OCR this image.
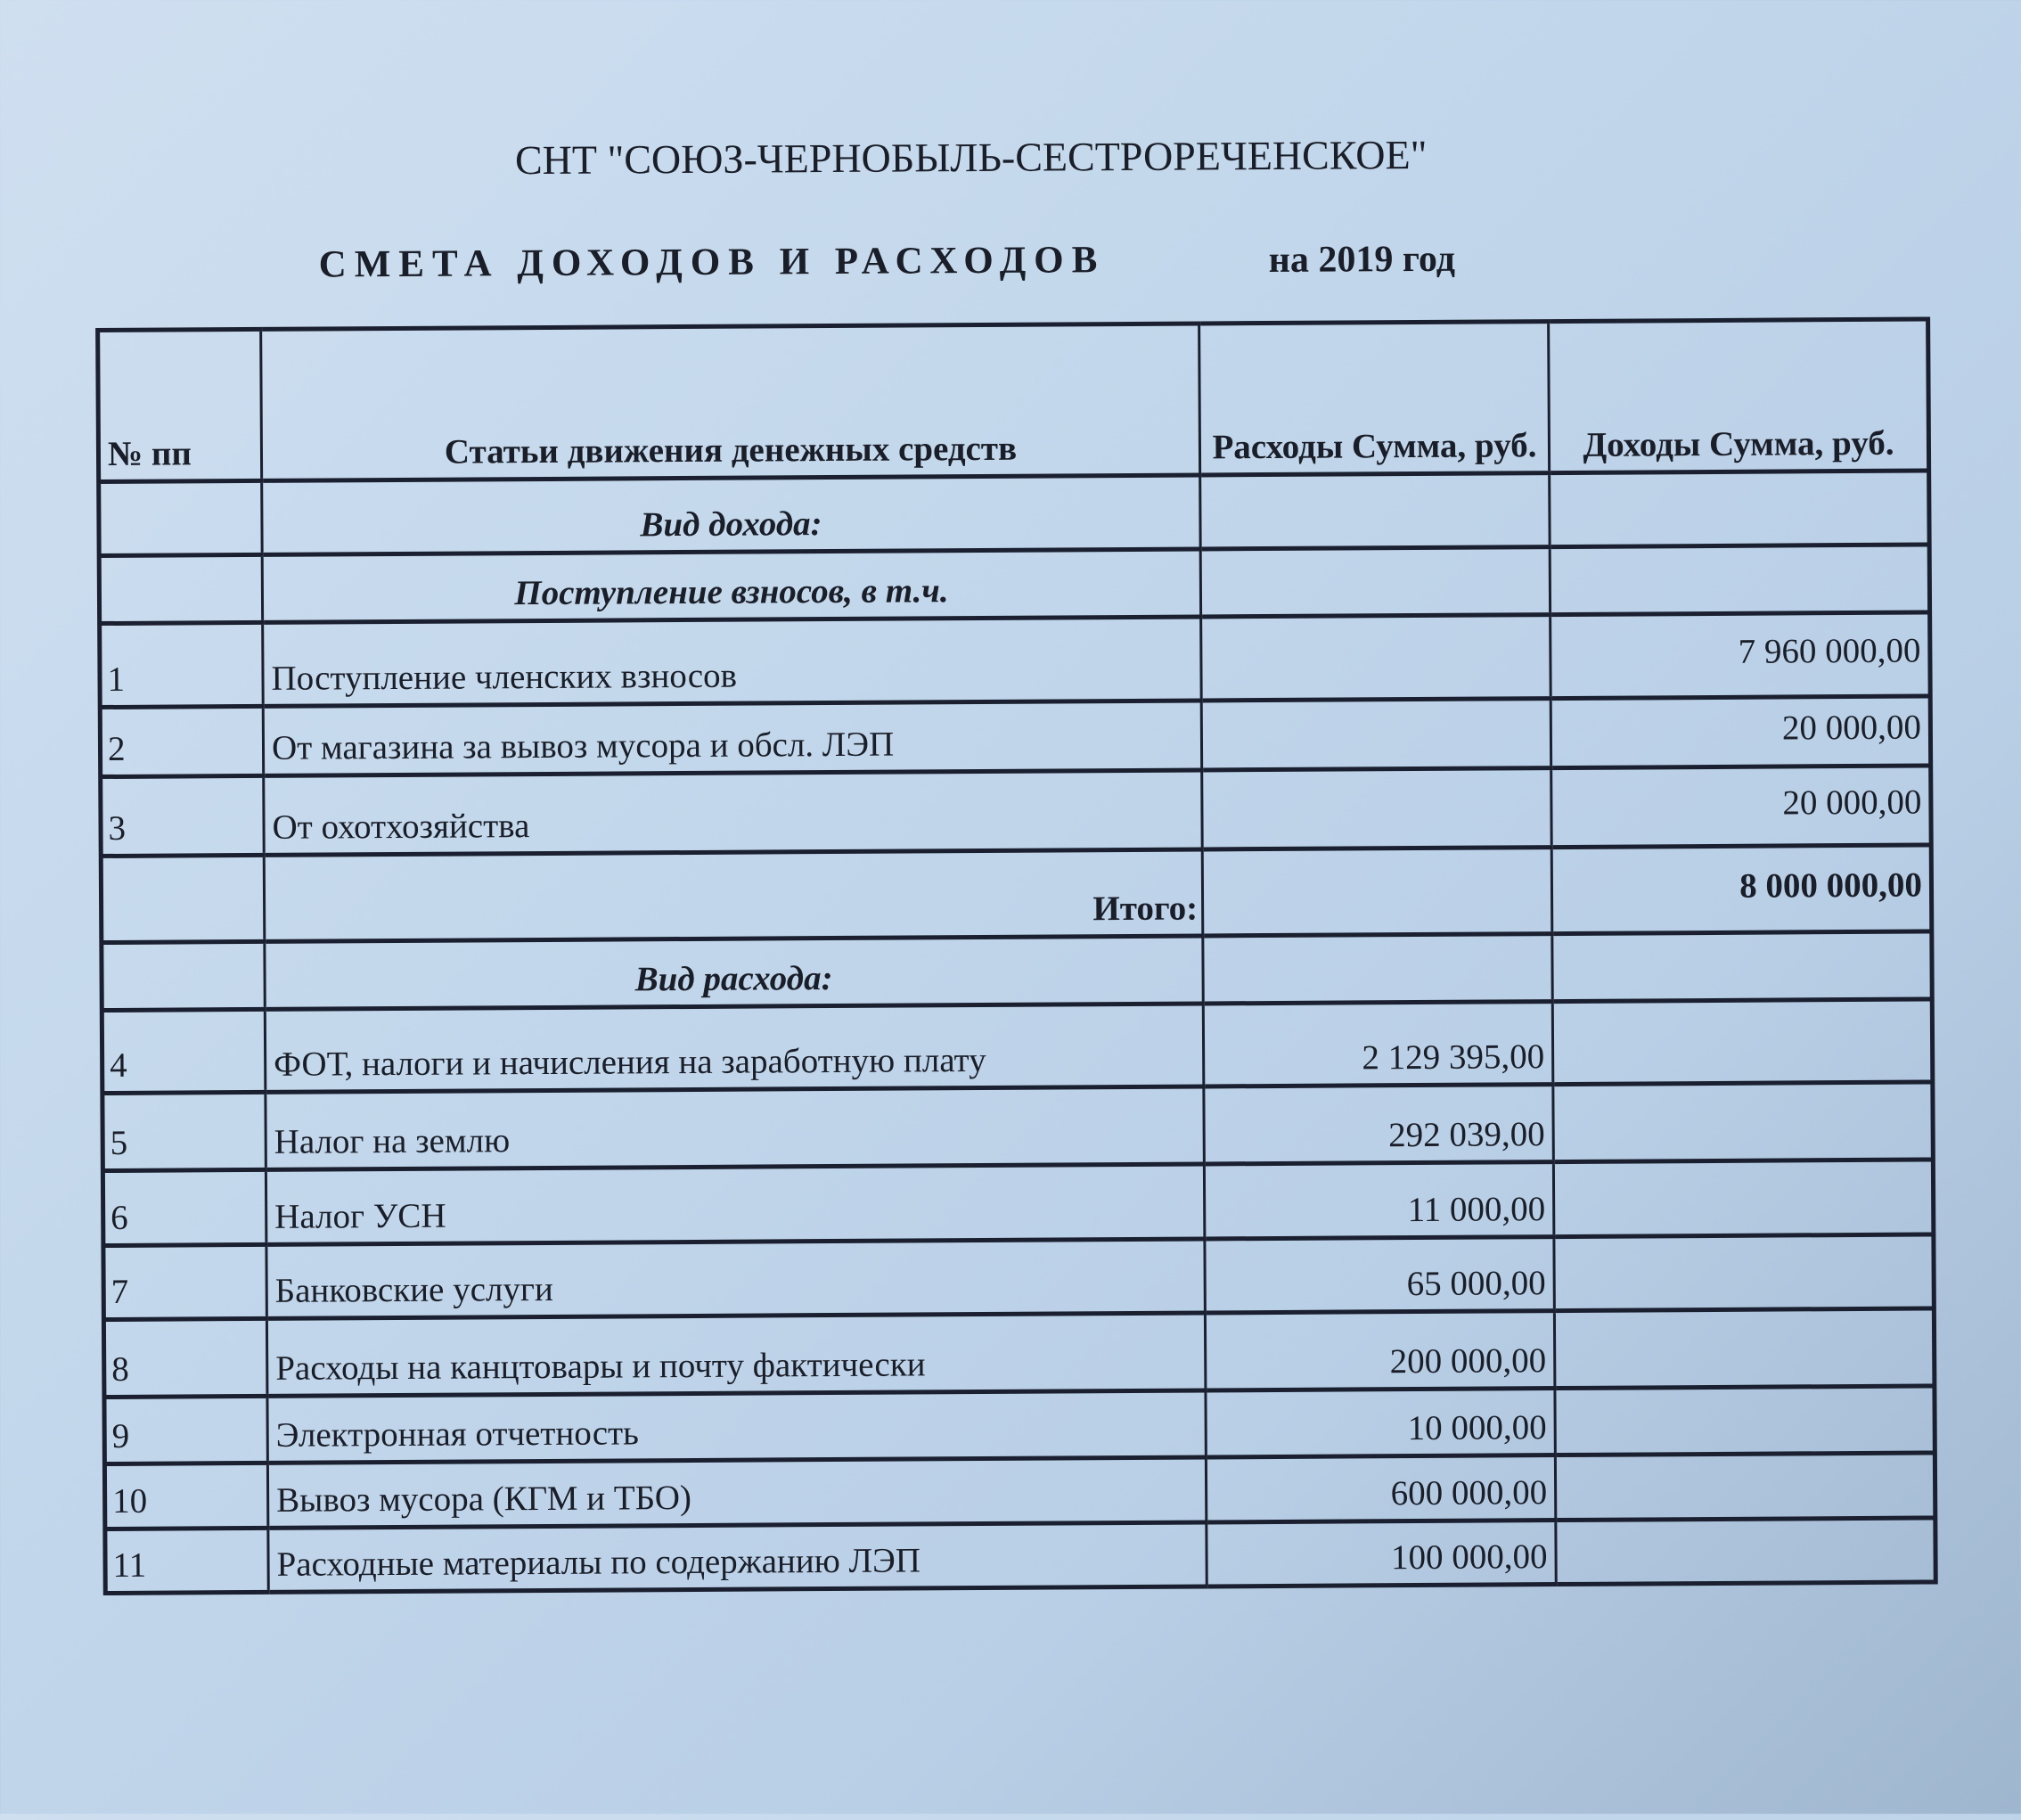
СНТ "СОЮЗ-ЧЕРНОБЫЛЬ-СЕСТРОРЕЧЕНСКОЕ"
СМЕТА ДОХОДОВ И РАСХОДОВ	на 2019 год
№ пп	Статьи движения денежных средств	Расходы Сумма, руб.	Доходы Сумма, руб.
	Вид дохода:		
	Поступление взносов, в т.ч.		
1	Поступление членских взносов		7 960 000,00
2	От магазина за вывоз мусора и обсл. ЛЭП		20 000,00
3	От охотхозяйства		20 000,00
	Итого:		8 000 000,00
	Вид расхода:		
4	ФОТ, налоги и начисления на заработную плату	2 129 395,00	
5	Налог на землю	292 039,00	
6	Налог УСН	11 000,00	
7	Банковские услуги	65 000,00	
8	Расходы на канцтовары и почту фактически	200 000,00	
9	Электронная отчетность	10 000,00	
10	Вывоз мусора (КГМ и ТБО)	600 000,00	
11	Расходные материалы по содержанию ЛЭП	100 000,00	
